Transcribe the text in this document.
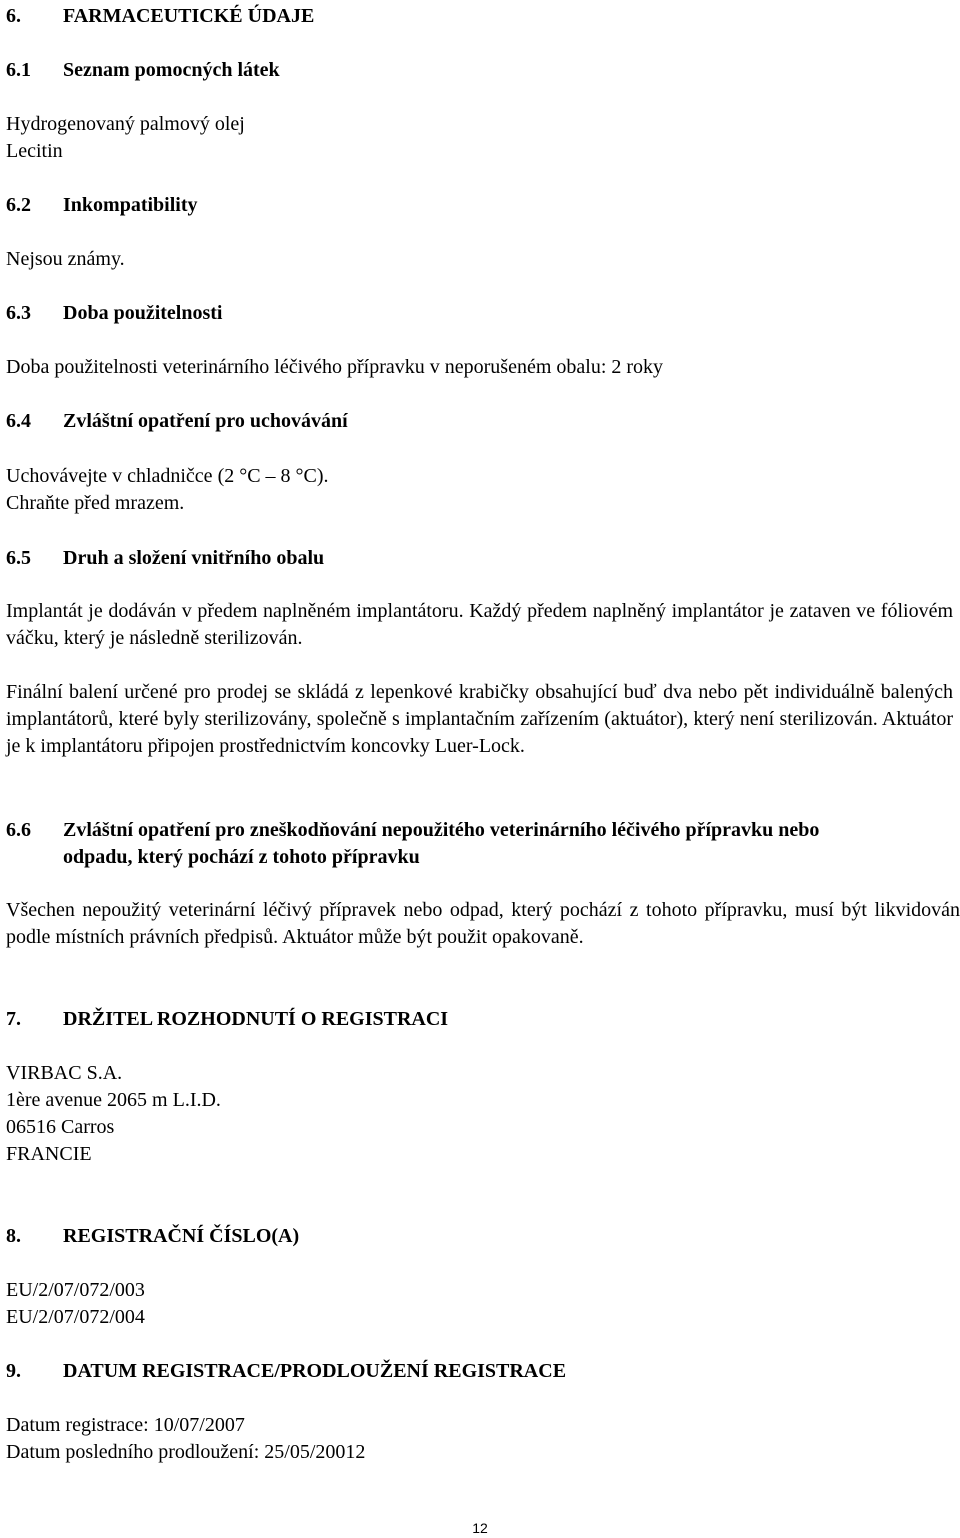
6. FARMACEUTICKÉ ÚDAJE
6.1 Seznam pomocných látek
Hydrogenovaný palmový olej
Lecitin
6.2 Inkompatibility
Nejsou známy.
6.3 Doba použitelnosti
Doba použitelnosti veterinárního léčivého přípravku v neporušeném obalu: 2 roky
6.4 Zvláštní opatření pro uchovávání
Uchovávejte v chladničce (2 °C – 8 °C).
Chraňte před mrazem.
6.5 Druh a složení vnitřního obalu
Implantát je dodáván v předem naplněném implantátoru. Každý předem naplněný implantátor je zataven ve fóliovém váčku, který je následně sterilizován.
Finální balení určené pro prodej se skládá z lepenkové krabičky obsahující buď dva nebo pět individuálně balených implantátorů, které byly sterilizovány, společně s implantačním zařízením (aktuátor), který není sterilizován. Aktuátor je k implantátoru připojen prostřednictvím koncovky Luer-Lock.
6.6 Zvláštní opatření pro zneškodňování nepoužitého veterinárního léčivého přípravku nebo
odpadu, který pochází z tohoto přípravku
Všechen nepoužitý veterinární léčivý přípravek nebo odpad, který pochází z tohoto přípravku, musí být likvidován podle místních právních předpisů. Aktuátor může být použit opakovaně.
7. DRŽITEL ROZHODNUTÍ O REGISTRACI
VIRBAC S.A.
1ère avenue 2065 m L.I.D.
06516 Carros
FRANCIE
8. REGISTRAČNÍ ČÍSLO(A)
EU/2/07/072/003
EU/2/07/072/004
9. DATUM REGISTRACE/PRODLOUŽENÍ REGISTRACE
Datum registrace: 10/07/2007
Datum posledního prodloužení: 25/05/20012
12
